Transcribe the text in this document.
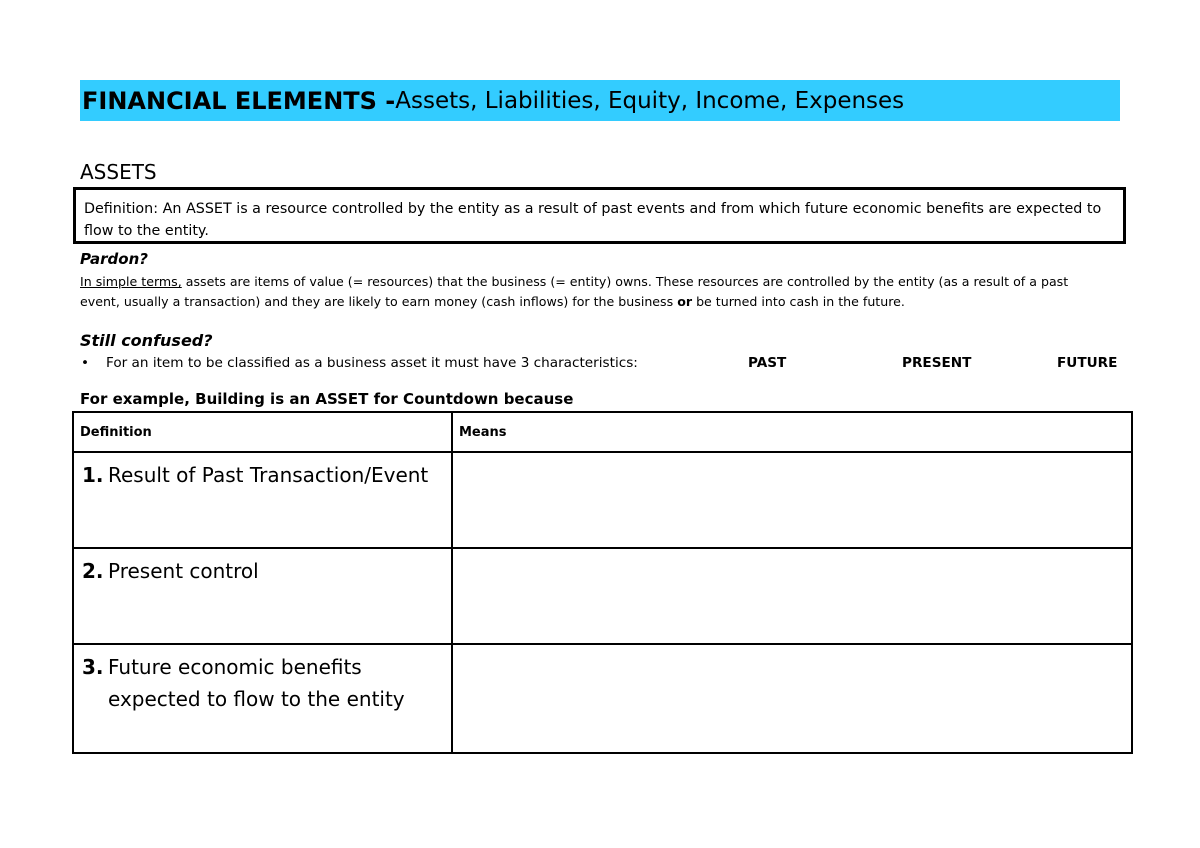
FINANCIAL ELEMENTS - Assets, Liabilities, Equity, Income, Expenses
ASSETS
Definition: An ASSET is a resource controlled by the entity as a result of past events and from which future economic benefits are expected to flow to the entity.
Pardon?
In simple terms, assets are items of value (= resources) that the business (= entity) owns. These resources are controlled by the entity (as a result of a past event, usually a transaction) and they are likely to earn money (cash inflows) for the business or be turned into cash in the future.
Still confused?
• For an item to be classified as a business asset it must have 3 characteristics:	PAST	PRESENT	FUTURE
For example, Building is an ASSET for Countdown because
Definition	Means

1. Result of Past Transaction/Event	

2. Present control	

3. Future economic benefits expected to flow to the entity	
